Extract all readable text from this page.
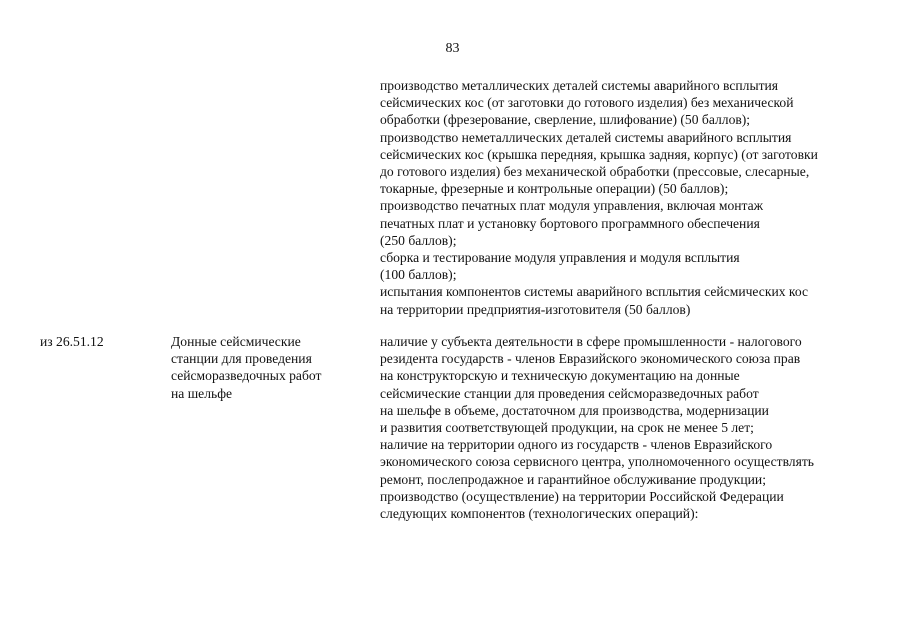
83
производство металлических деталей системы аварийного всплытия
сейсмических кос (от заготовки до готового изделия) без механической
обработки (фрезерование, сверление, шлифование) (50 баллов);
производство неметаллических деталей системы аварийного всплытия
сейсмических кос (крышка передняя, крышка задняя, корпус) (от заготовки
до готового изделия) без механической обработки (прессовые, слесарные,
токарные, фрезерные и контрольные операции) (50 баллов);
производство печатных плат модуля управления, включая монтаж
печатных плат и установку бортового программного обеспечения
(250 баллов);
сборка и тестирование модуля управления и модуля всплытия
(100 баллов);
испытания компонентов системы аварийного всплытия сейсмических кос
на территории предприятия-изготовителя (50 баллов)
из 26.51.12	Донные сейсмические
станции для проведения
сейсморазведочных работ
на шельфе
наличие у субъекта деятельности в сфере промышленности - налогового
резидента государств - членов Евразийского экономического союза прав
на конструкторскую и техническую документацию на донные
сейсмические станции для проведения сейсморазведочных работ
на шельфе в объеме, достаточном для производства, модернизации
и развития соответствующей продукции, на срок не менее 5 лет;
наличие на территории одного из государств - членов Евразийского
экономического союза сервисного центра, уполномоченного осуществлять
ремонт, послепродажное и гарантийное обслуживание продукции;
производство (осуществление) на территории Российской Федерации
следующих компонентов (технологических операций):
